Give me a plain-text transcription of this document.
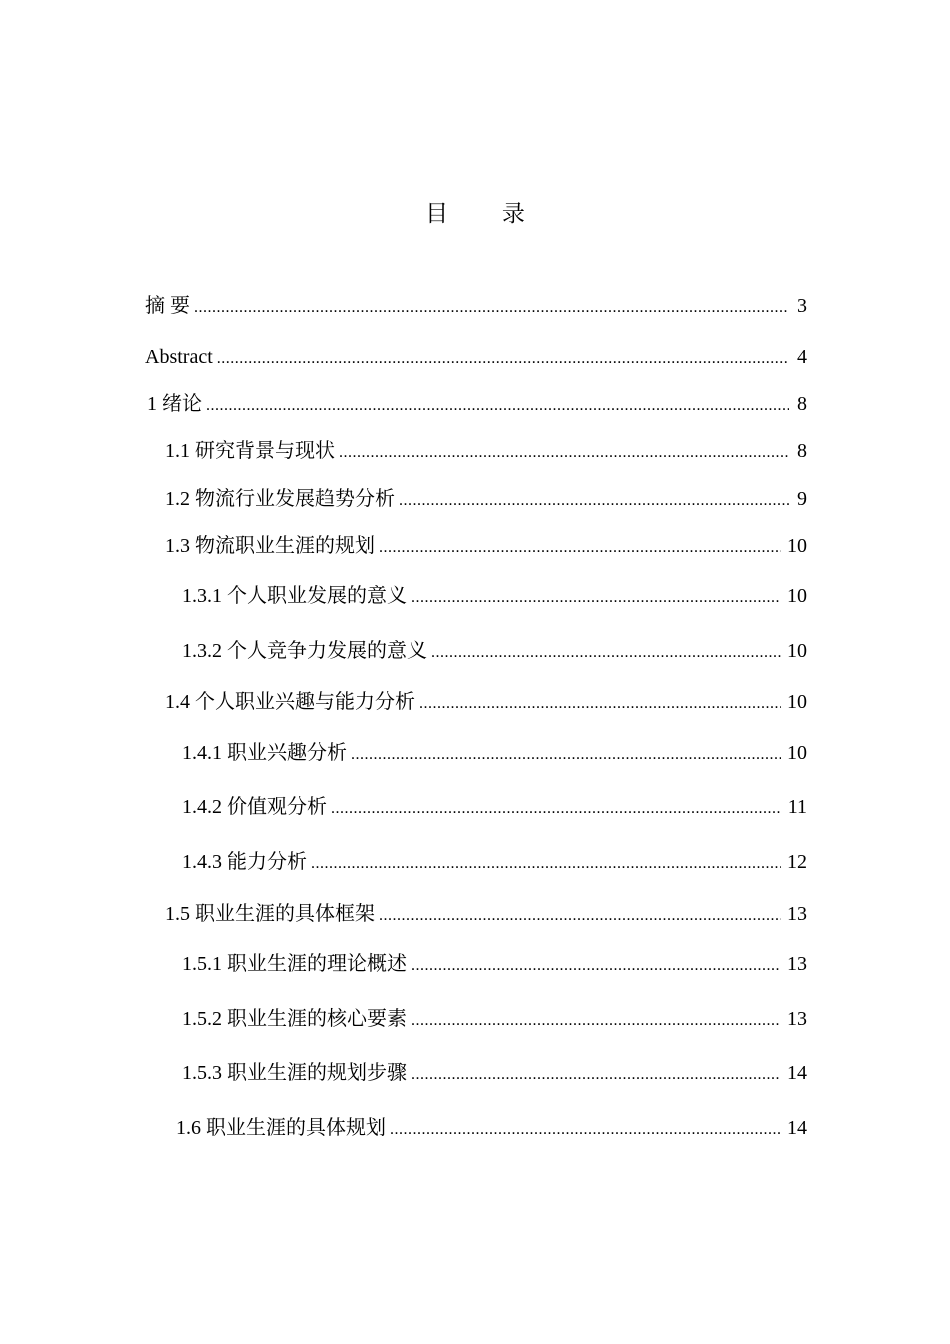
目 录
摘 要 .....	3
Abstract .....	4
1 绪论 .....	8
1.1 研究背景与现状 .....	8
1.2 物流行业发展趋势分析 .....	9
1.3 物流职业生涯的规划 .....	10
1.3.1 个人职业发展的意义 .....	10
1.3.2 个人竞争力发展的意义 .....	10
1.4 个人职业兴趣与能力分析 .....	10
1.4.1 职业兴趣分析 .....	10
1.4.2 价值观分析 .....	11
1.4.3 能力分析 .....	12
1.5 职业生涯的具体框架 .....	13
1.5.1 职业生涯的理论概述 .....	13
1.5.2 职业生涯的核心要素 .....	13
1.5.3 职业生涯的规划步骤 .....	14
1.6 职业生涯的具体规划 .....	14
